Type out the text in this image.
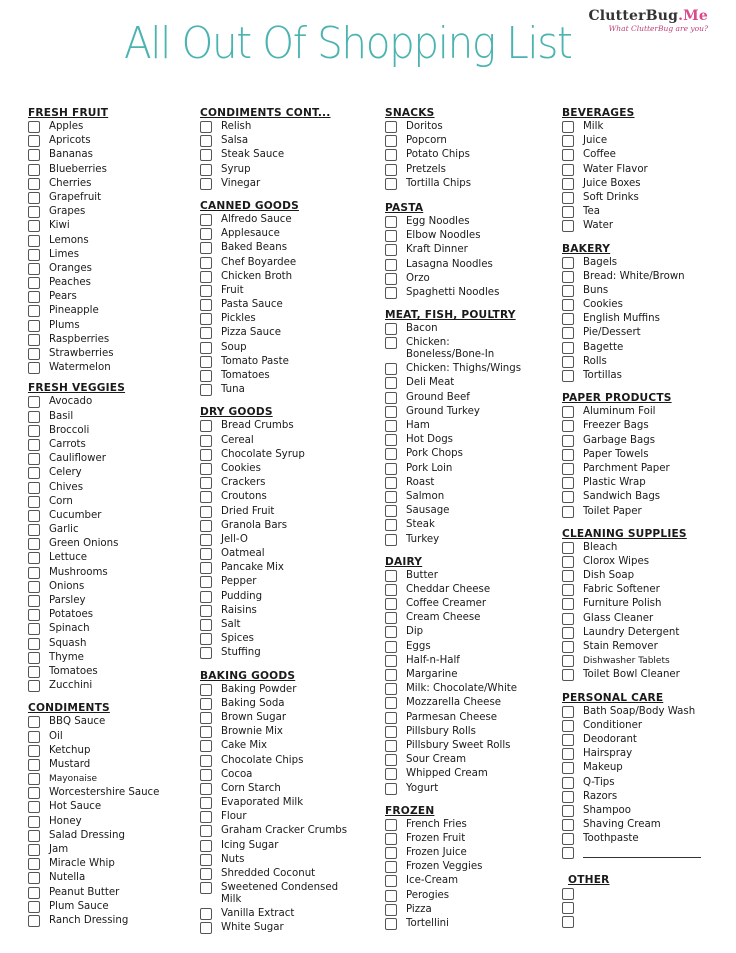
All Out Of Shopping List
ClutterBug.Me
What ClutterBug are you?
FRESH FRUIT
Apples
Apricots
Bananas
Blueberries
Cherries
Grapefruit
Grapes
Kiwi
Lemons
Limes
Oranges
Peaches
Pears
Pineapple
Plums
Raspberries
Strawberries
Watermelon
FRESH VEGGIES
Avocado
Basil
Broccoli
Carrots
Cauliflower
Celery
Chives
Corn
Cucumber
Garlic
Green Onions
Lettuce
Mushrooms
Onions
Parsley
Potatoes
Spinach
Squash
Thyme
Tomatoes
Zucchini
CONDIMENTS
BBQ Sauce
Oil
Ketchup
Mustard
Mayonaise
Worcestershire Sauce
Hot Sauce
Honey
Salad Dressing
Jam
Miracle Whip
Nutella
Peanut Butter
Plum Sauce
Ranch Dressing
CONDIMENTS CONT...
Relish
Salsa
Steak Sauce
Syrup
Vinegar
CANNED GOODS
Alfredo Sauce
Applesauce
Baked Beans
Chef Boyardee
Chicken Broth
Fruit
Pasta Sauce
Pickles
Pizza Sauce
Soup
Tomato Paste
Tomatoes
Tuna
DRY GOODS
Bread Crumbs
Cereal
Chocolate Syrup
Cookies
Crackers
Croutons
Dried Fruit
Granola Bars
Jell-O
Oatmeal
Pancake Mix
Pepper
Pudding
Raisins
Salt
Spices
Stuffing
BAKING GOODS
Baking Powder
Baking Soda
Brown Sugar
Brownie Mix
Cake Mix
Chocolate Chips
Cocoa
Corn Starch
Evaporated Milk
Flour
Graham Cracker Crumbs
Icing Sugar
Nuts
Shredded Coconut
Sweetened Condensed Milk
Vanilla Extract
White Sugar
SNACKS
Doritos
Popcorn
Potato Chips
Pretzels
Tortilla Chips
PASTA
Egg Noodles
Elbow Noodles
Kraft Dinner
Lasagna Noodles
Orzo
Spaghetti Noodles
MEAT, FISH, POULTRY
Bacon
Chicken: Boneless/Bone-In
Chicken: Thighs/Wings
Deli Meat
Ground Beef
Ground Turkey
Ham
Hot Dogs
Pork Chops
Pork Loin
Roast
Salmon
Sausage
Steak
Turkey
DAIRY
Butter
Cheddar Cheese
Coffee Creamer
Cream Cheese
Dip
Eggs
Half-n-Half
Margarine
Milk: Chocolate/White
Mozzarella Cheese
Parmesan Cheese
Pillsbury Rolls
Pillsbury Sweet Rolls
Sour Cream
Whipped Cream
Yogurt
FROZEN
French Fries
Frozen Fruit
Frozen Juice
Frozen Veggies
Ice-Cream
Perogies
Pizza
Tortellini
BEVERAGES
Milk
Juice
Coffee
Water Flavor
Juice Boxes
Soft Drinks
Tea
Water
BAKERY
Bagels
Bread: White/Brown
Buns
Cookies
English Muffins
Pie/Dessert
Bagette
Rolls
Tortillas
PAPER PRODUCTS
Aluminum Foil
Freezer Bags
Garbage Bags
Paper Towels
Parchment Paper
Plastic Wrap
Sandwich Bags
Toilet Paper
CLEANING SUPPLIES
Bleach
Clorox Wipes
Dish Soap
Fabric Softener
Furniture Polish
Glass Cleaner
Laundry Detergent
Stain Remover
Dishwasher Tablets
Toilet Bowl Cleaner
PERSONAL CARE
Bath Soap/Body Wash
Conditioner
Deodorant
Hairspray
Makeup
Q-Tips
Razors
Shampoo
Shaving Cream
Toothpaste
OTHER
